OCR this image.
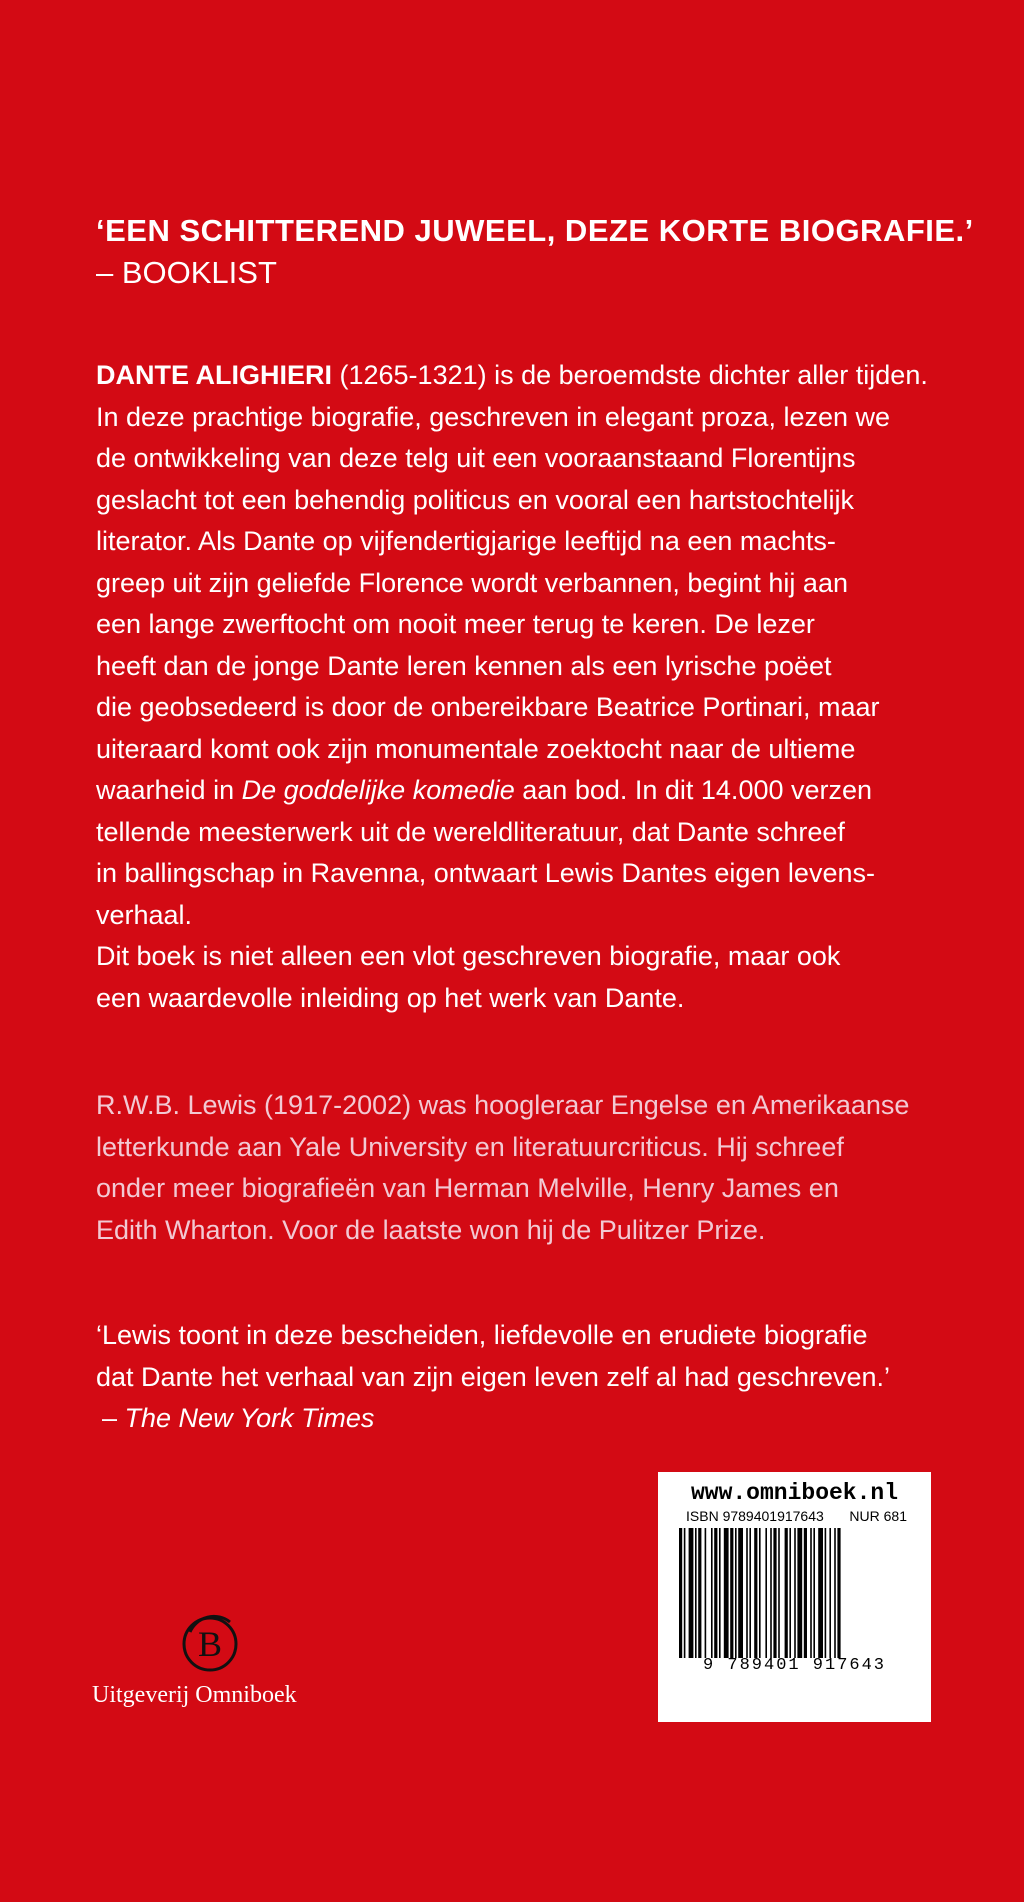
‘EEN SCHITTEREND JUWEEL, DEZE KORTE BIOGRAFIE.’
– BOOKLIST
DANTE ALIGHIERI (1265-1321) is de beroemdste dichter aller tijden.
In deze prachtige biografie, geschreven in elegant proza, lezen we
de ontwikkeling van deze telg uit een vooraanstaand Florentijns
geslacht tot een behendig politicus en vooral een hartstochtelijk
literator. Als Dante op vijfendertigjarige leeftijd na een machts-
greep uit zijn geliefde Florence wordt verbannen, begint hij aan
een lange zwerftocht om nooit meer terug te keren. De lezer
heeft dan de jonge Dante leren kennen als een lyrische poëet
die geobsedeerd is door de onbereikbare Beatrice Portinari, maar
uiteraard komt ook zijn monumentale zoektocht naar de ultieme
waarheid in De goddelijke komedie aan bod. In dit 14.000 verzen
tellende meesterwerk uit de wereldliteratuur, dat Dante schreef
in ballingschap in Ravenna, ontwaart Lewis Dantes eigen levens-
verhaal.
Dit boek is niet alleen een vlot geschreven biografie, maar ook
een waardevolle inleiding op het werk van Dante.
R.W.B. Lewis (1917-2002) was hoogleraar Engelse en Amerikaanse
letterkunde aan Yale University en literatuurcriticus. Hij schreef
onder meer biografieën van Herman Melville, Henry James en
Edith Wharton. Voor de laatste won hij de Pulitzer Prize.
‘Lewis toont in deze bescheiden, liefdevolle en erudiete biografie
dat Dante het verhaal van zijn eigen leven zelf al had geschreven.’
– The New York Times
B
Uitgeverij Omniboek
www.omniboek.nl
ISBN 9789401917643 NUR 681
9 789401 917643
